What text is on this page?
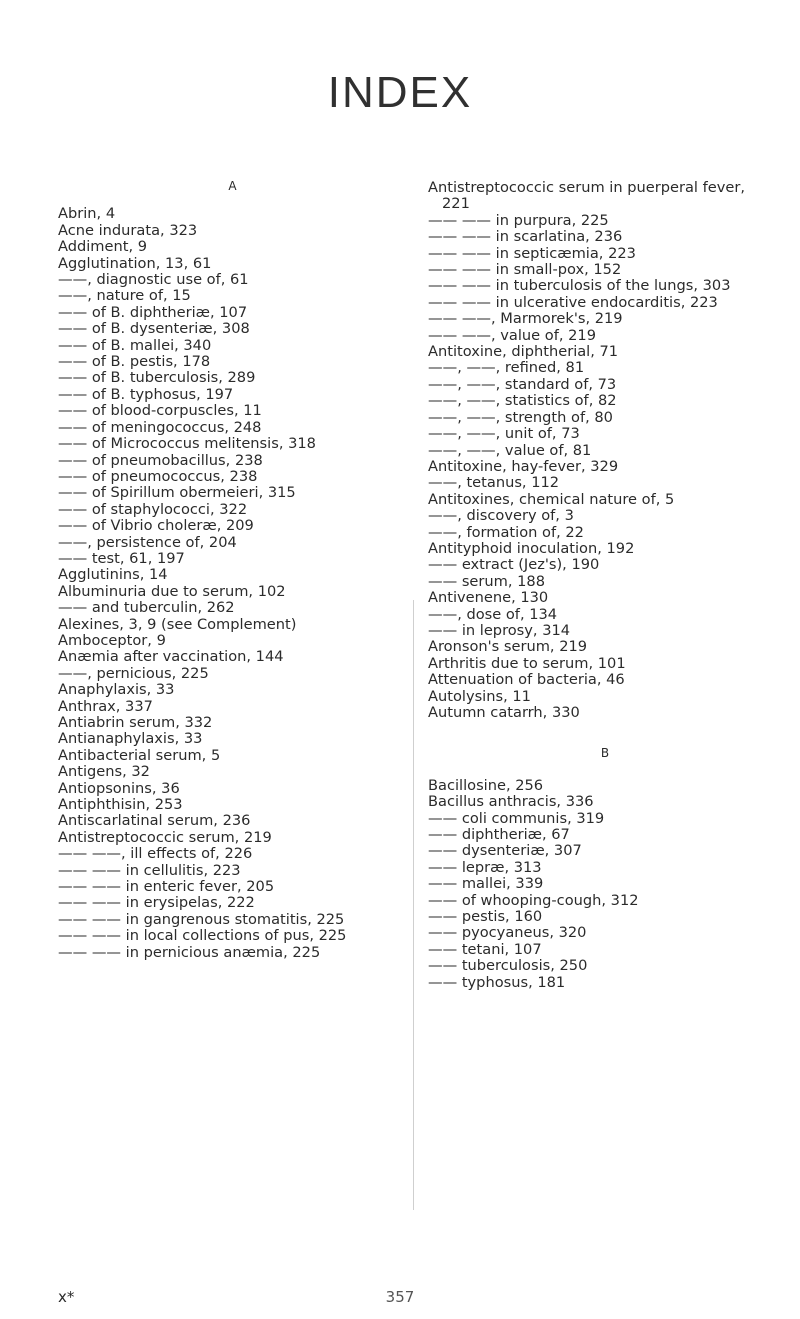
INDEX
A

Abrin, 4

Acne indurata, 323

Addiment, 9

Agglutination, 13, 61

——, diagnostic use of, 61

——, nature of, 15

—— of B. diphtheriæ, 107

—— of B. dysenteriæ, 308

—— of B. mallei, 340

—— of B. pestis, 178

—— of B. tuberculosis, 289

—— of B. typhosus, 197

—— of blood-corpuscles, 11

—— of meningococcus, 248

—— of Micrococcus melitensis, 318

—— of pneumobacillus, 238

—— of pneumococcus, 238

—— of Spirillum obermeieri, 315

—— of staphylococci, 322

—— of Vibrio choleræ, 209

——, persistence of, 204

—— test, 61, 197

Agglutinins, 14

Albuminuria due to serum, 102

—— and tuberculin, 262

Alexines, 3, 9 (see Complement)

Amboceptor, 9

Anæmia after vaccination, 144

——, pernicious, 225

Anaphylaxis, 33

Anthrax, 337

Antiabrin serum, 332

Antianaphylaxis, 33

Antibacterial serum, 5

Antigens, 32

Antiopsonins, 36

Antiphthisin, 253

Antiscarlatinal serum, 236

Antistreptococcic serum, 219

—— ——, ill effects of, 226

—— —— in cellulitis, 223

—— —— in enteric fever, 205

—— —— in erysipelas, 222

—— —— in gangrenous stomatitis, 225

—— —— in local collections of pus, 225

—— —— in pernicious anæmia, 225

Antistreptococcic serum in puerperal fever, 221

—— —— in purpura, 225

—— —— in scarlatina, 236

—— —— in septicæmia, 223

—— —— in small-pox, 152

—— —— in tuberculosis of the lungs, 303

—— —— in ulcerative endocarditis, 223

—— ——, Marmorek's, 219

—— ——, value of, 219

Antitoxine, diphtherial, 71

——, ——, refined, 81

——, ——, standard of, 73

——, ——, statistics of, 82

——, ——, strength of, 80

——, ——, unit of, 73

——, ——, value of, 81

Antitoxine, hay-fever, 329

——, tetanus, 112

Antitoxines, chemical nature of, 5

——, discovery of, 3

——, formation of, 22

Antityphoid inoculation, 192

—— extract (Jez's), 190

—— serum, 188

Antivenene, 130

——, dose of, 134

—— in leprosy, 314

Aronson's serum, 219

Arthritis due to serum, 101

Attenuation of bacteria, 46

Autolysins, 11

Autumn catarrh, 330

B

Bacillosine, 256

Bacillus anthracis, 336

—— coli communis, 319

—— diphtheriæ, 67

—— dysenteriæ, 307

—— lepræ, 313

—— mallei, 339

—— of whooping-cough, 312

—— pestis, 160

—— pyocyaneus, 320

—— tetani, 107

—— tuberculosis, 250

—— typhosus, 181

x*	357
